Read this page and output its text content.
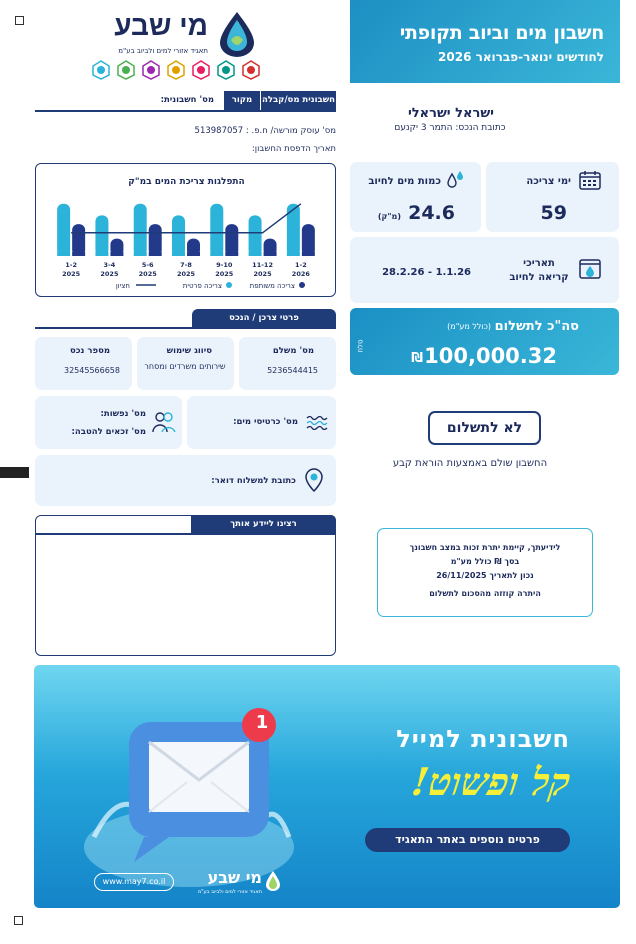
חשבון מים וביוב תקופתי
לחודשים ינואר-פברואר 2026
מי שבע
תאגיד אזורי למים ולביוב בע"מ
חשבונית מס/קבלה
מקור
מס' חשבונית:
מס' עוסק מורשה/ ח.פ. : 513987057
תאריך הדפסת החשבון:
ישראל ישראלי
כתובת הנכס: התמר 3 יקנעם
התפלגות צריכת המים במ"ק
1-2
2025
3-4
2025
5-6
2025
7-8
2025
9-10
2025
11-12
2025
1-2
2026
צריכה משותפת
צריכה פרטית
חציון
ימי צריכה
59
כמות מים לחיוב
24.6
(מ"ק)
תאריכי קריאה לחיוב
28.2.26 - 1.1.26
סה"כ לתשלום
(כולל מע"מ)
100,000.32
₪
סלח
לא לתשלום
החשבון שולם באמצעות הוראת קבע
לידיעתך, קיימת יתרת זכות במצב חשבונך
בסך ₪ כולל מע"מ
נכון לתאריך 26/11/2025
היתרה קוזזה מהסכום לתשלום
פרטי צרכן / הנכס
מס' משלם
5236544415
סיווג שימוש
שירותים משרדים ומסחר
מספר נכס
32545566658
מס' כרטיסי מים:
מס' נפשות:
מס' זכאים להטבה:
כתובת למשלוח דואר:
רצינו ליידע אותך
1
חשבונית למייל
קל ופשוט!
פרטים נוספים באתר התאגיד
www.may7.co.il	מי שבע
תאגיד אזורי למים ולביוב בע"מ
